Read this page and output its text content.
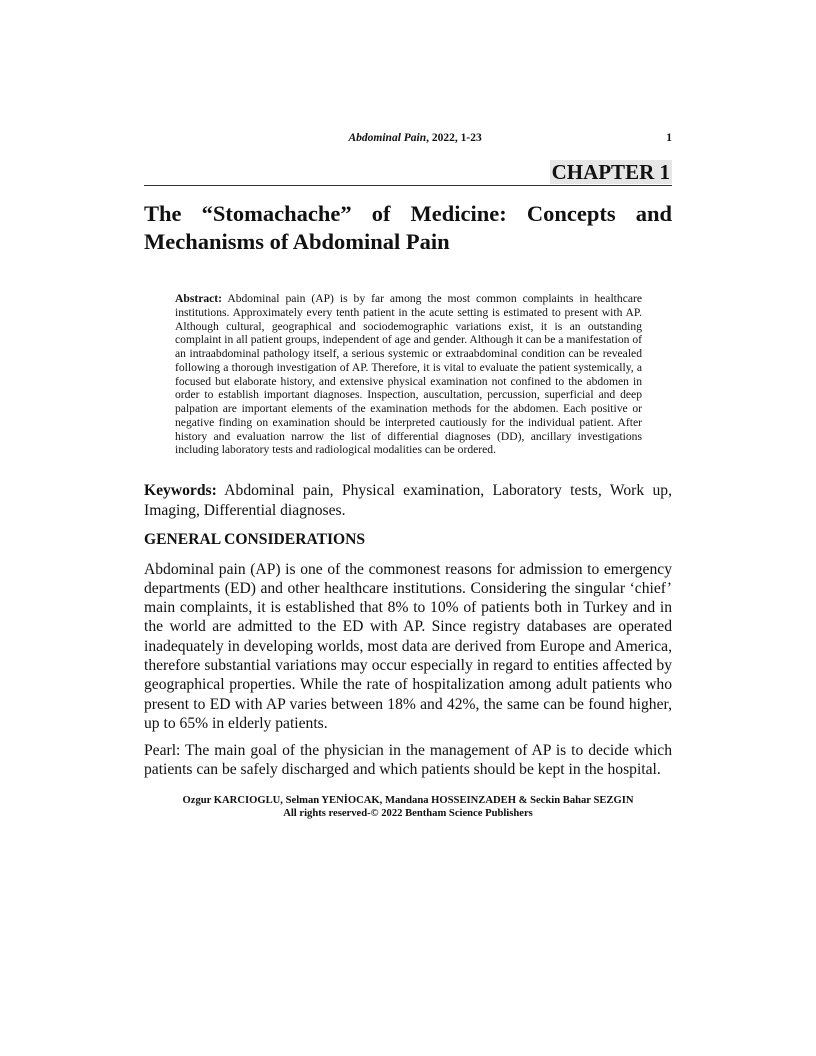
Abdominal Pain, 2022, 1-23	1
CHAPTER 1
The “Stomachache” of Medicine: Concepts and Mechanisms of Abdominal Pain
Abstract: Abdominal pain (AP) is by far among the most common complaints in healthcare institutions. Approximately every tenth patient in the acute setting is estimated to present with AP. Although cultural, geographical and sociodemographic variations exist, it is an outstanding complaint in all patient groups, independent of age and gender. Although it can be a manifestation of an intraabdominal pathology itself, a serious systemic or extraabdominal condition can be revealed following a thorough investigation of AP. Therefore, it is vital to evaluate the patient systemically, a focused but elaborate history, and extensive physical examination not confined to the abdomen in order to establish important diagnoses. Inspection, auscultation, percussion, superficial and deep palpation are important elements of the examination methods for the abdomen. Each positive or negative finding on examination should be interpreted cautiously for the individual patient. After history and evaluation narrow the list of differential diagnoses (DD), ancillary investigations including laboratory tests and radiological modalities can be ordered.
Keywords: Abdominal pain, Physical examination, Laboratory tests, Work up, Imaging, Differential diagnoses.
GENERAL CONSIDERATIONS
Abdominal pain (AP) is one of the commonest reasons for admission to emergency departments (ED) and other healthcare institutions. Considering the singular ‘chief’ main complaints, it is established that 8% to 10% of patients both in Turkey and in the world are admitted to the ED with AP. Since registry databases are operated inadequately in developing worlds, most data are derived from Europe and America, therefore substantial variations may occur especially in regard to entities affected by geographical properties. While the rate of hospitalization among adult patients who present to ED with AP varies between 18% and 42%, the same can be found higher, up to 65% in elderly patients.
Pearl: The main goal of the physician in the management of AP is to decide which patients can be safely discharged and which patients should be kept in the hospital.
Ozgur KARCIOGLU, Selman YENİOCAK, Mandana HOSSEINZADEH & Seckin Bahar SEZGIN
All rights reserved-© 2022 Bentham Science Publishers
